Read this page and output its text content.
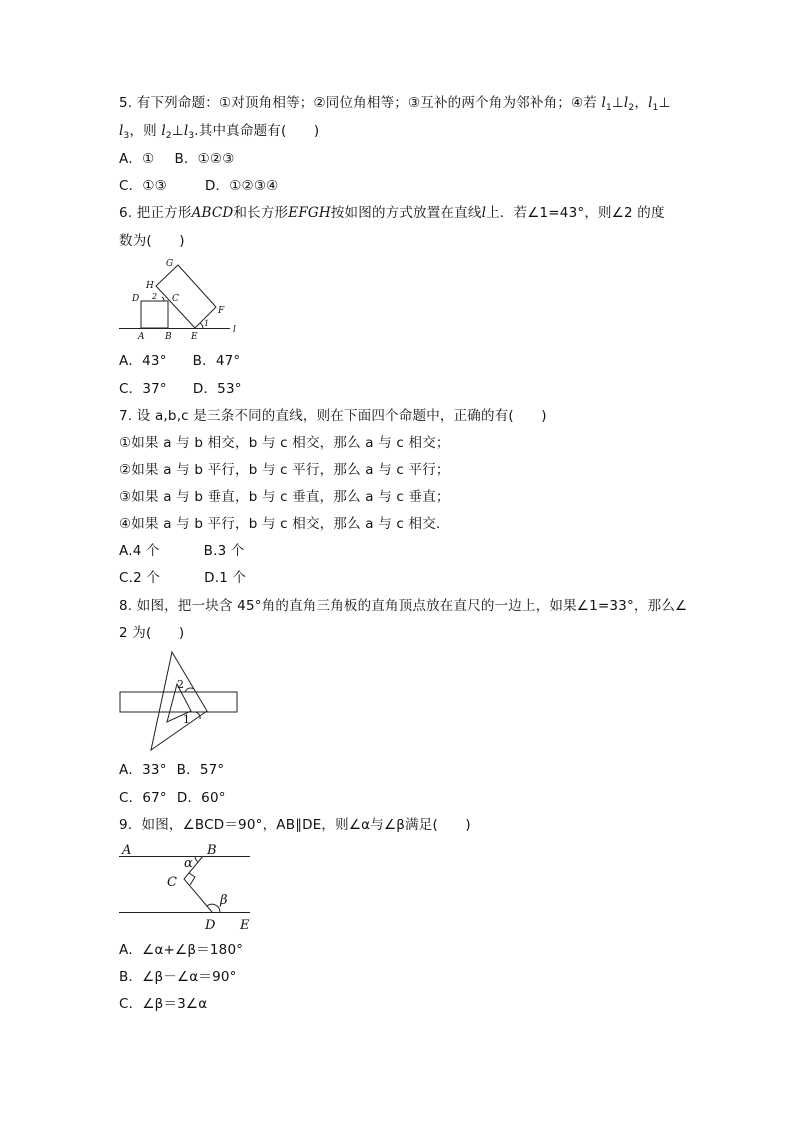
5. 有下列命题：①对顶角相等；②同位角相等；③互补的两个角为邻补角；④若 $l_1\perp l_2$，$l_1\perp$
$l_3$，则 $l_2\perp l_3$.其中真命题有(　　)
A．① B．①②③
C．①③	D．①②③④
6. 把正方形ABCD和长方形EFGH按如图的方式放置在直线l上．若∠1=43°，则∠2 的度
数为(　　)
G
H
D 2 C
F
A B E
1
l
A．43° B．47°
C．37° D．53°
7. 设 a,b,c 是三条不同的直线，则在下面四个命题中，正确的有(　　)
①如果 a 与 b 相交，b 与 c 相交，那么 a 与 c 相交；
②如果 a 与 b 平行，b 与 c 平行，那么 a 与 c 平行；
③如果 a 与 b 垂直，b 与 c 垂直，那么 a 与 c 垂直；
④如果 a 与 b 平行，b 与 c 相交，那么 a 与 c 相交.
A.4 个	B.3 个
C.2 个	D.1 个
8. 如图，把一块含 45°角的直角三角板的直角顶点放在直尺的一边上，如果∠1=33°，那么∠
2 为(　　)
2
1
A．33° B．57°
C．67° D．60°
9．如图，∠BCD＝90°，AB∥DE，则∠α与∠β满足(　　)
A	B
α
C
β
D E
A．∠α+∠β＝180°
B．∠β－∠α＝90°
C．∠β＝3∠α
